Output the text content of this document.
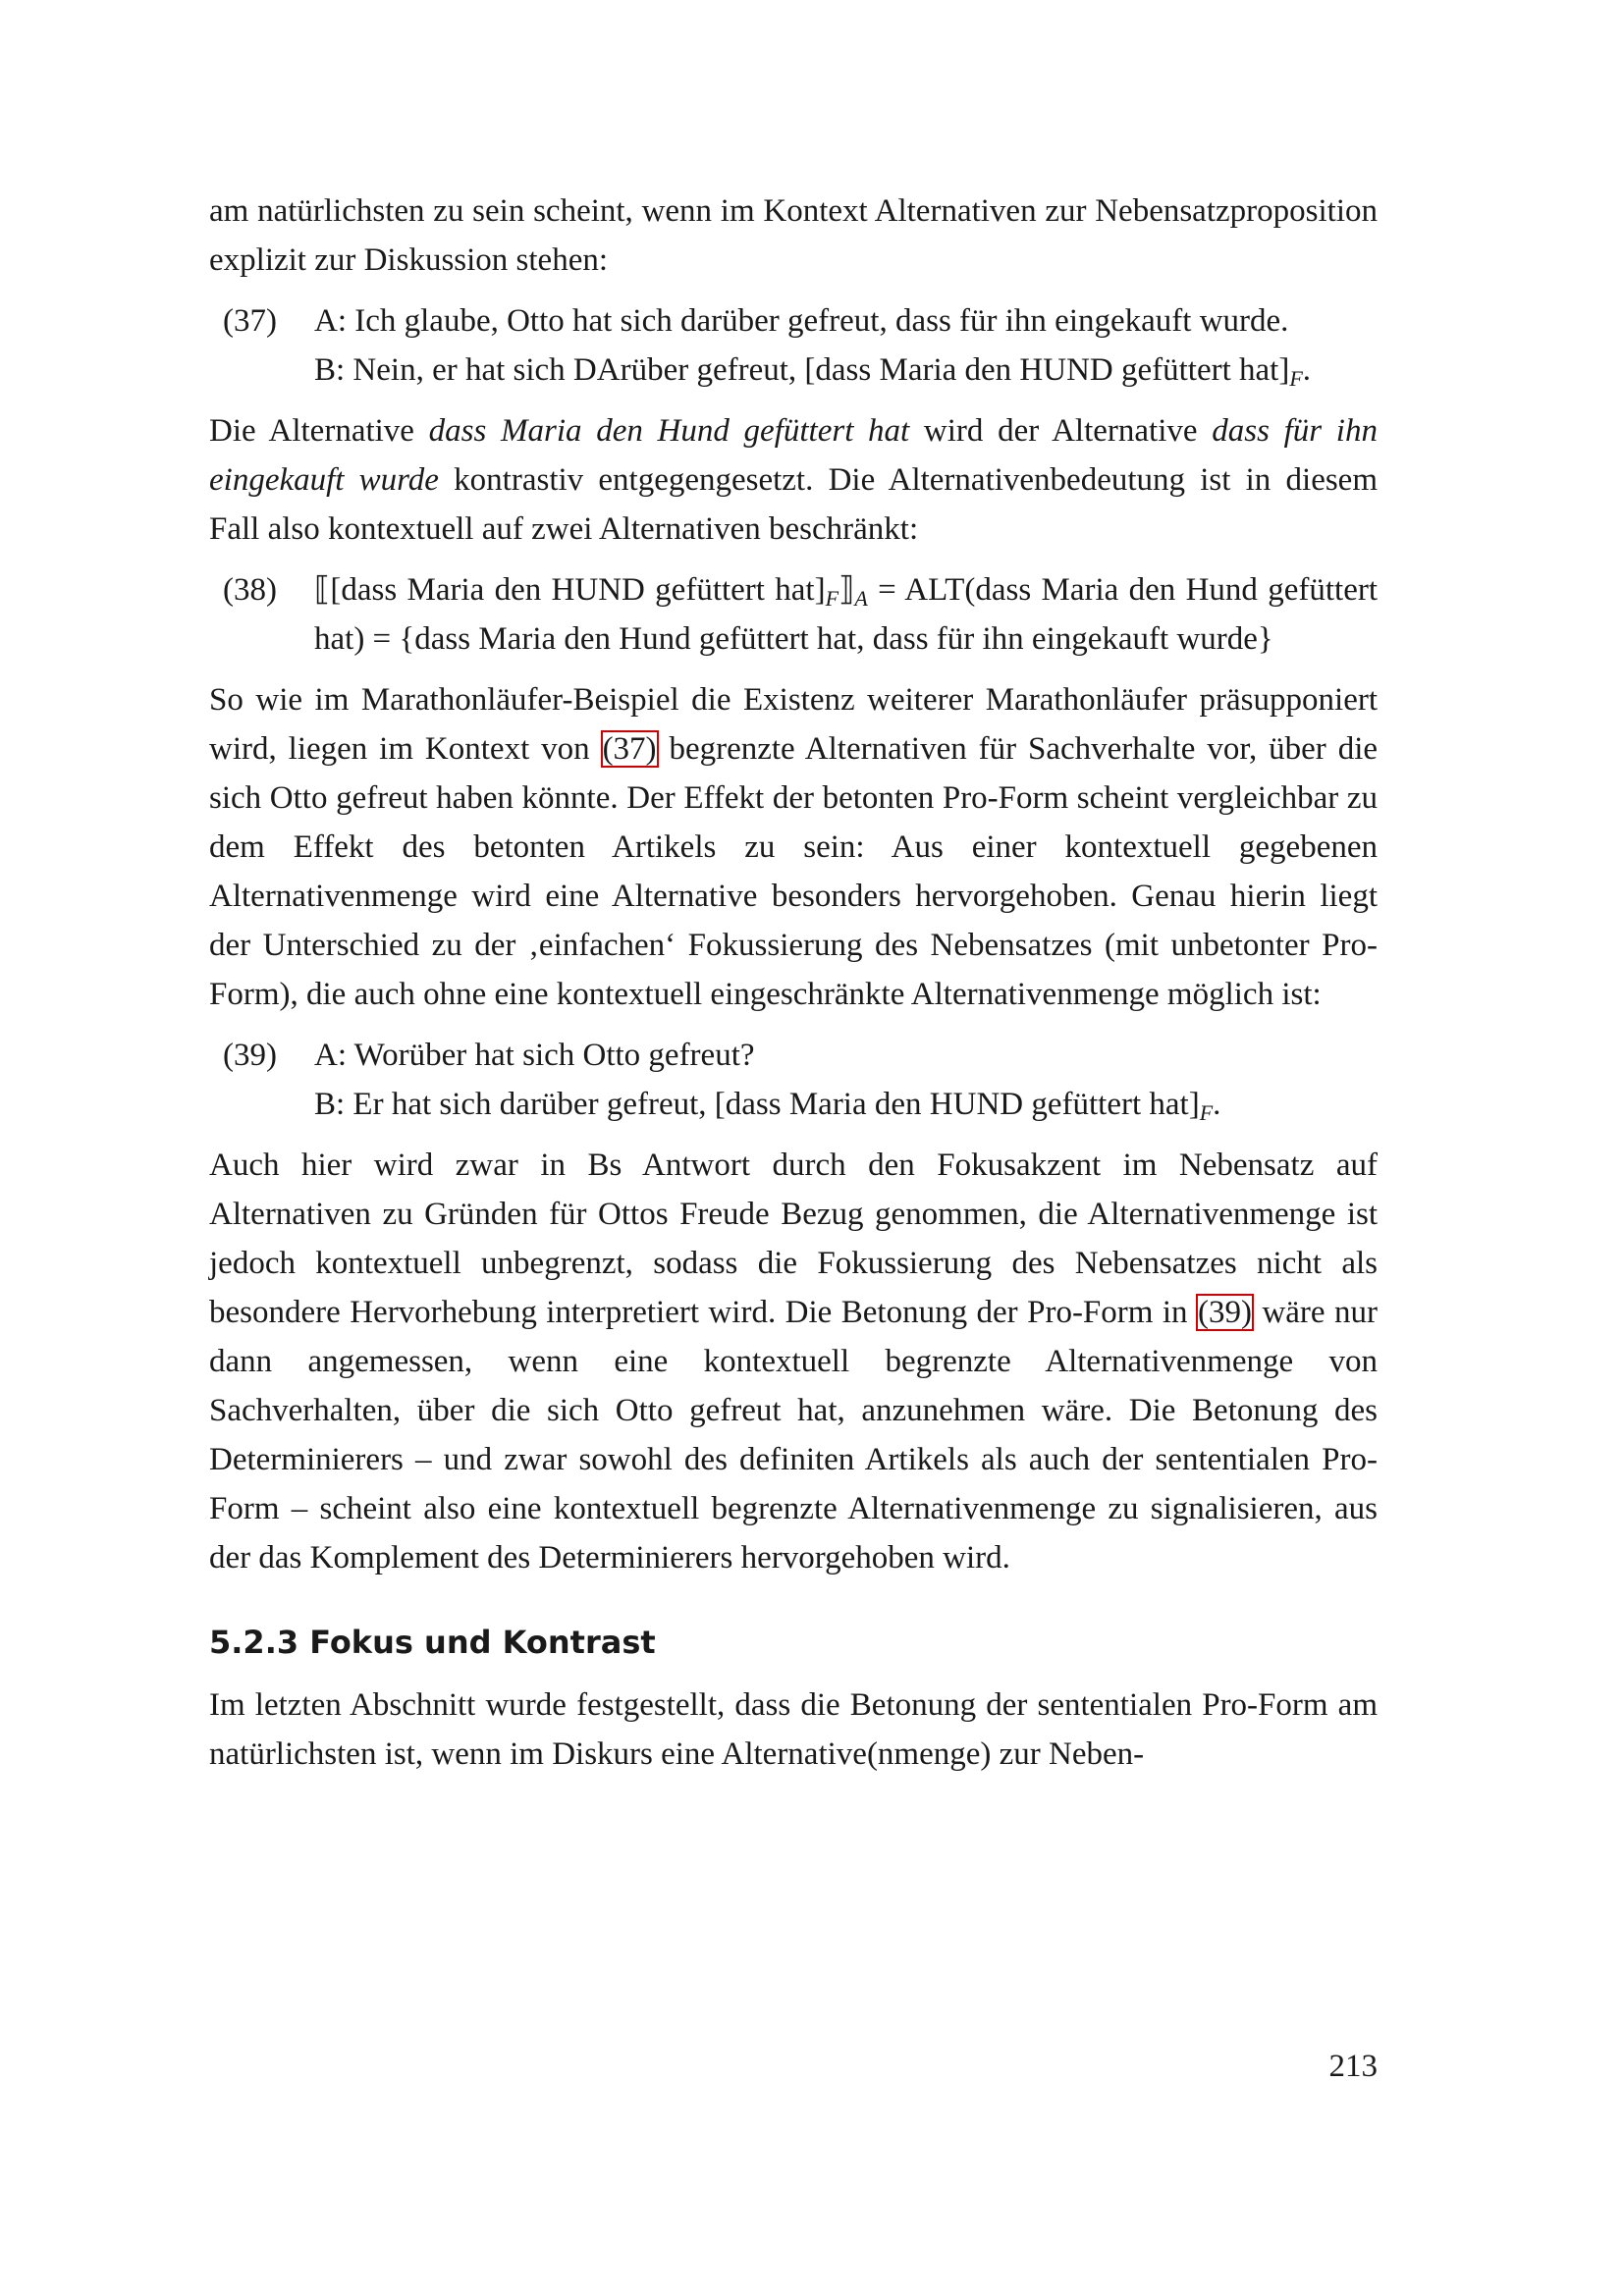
am natürlichsten zu sein scheint, wenn im Kontext Alternativen zur Nebensatzproposition explizit zur Diskussion stehen:

(37)	A: Ich glaube, Otto hat sich darüber gefreut, dass für ihn eingekauft wurde.
B: Nein, er hat sich DArüber gefreut, [dass Maria den HUND gefüttert $hat]_F$.

Die Alternative dass Maria den Hund gefüttert hat wird der Alternative dass für ihn eingekauft wurde kontrastiv entgegengesetzt. Die Alternativenbedeutung ist in diesem Fall also kontextuell auf zwei Alternativen beschränkt:

(38)	⟦[dass Maria den HUND gefüttert $hat]_F⟧_A$ = ALT(dass Maria den Hund gefüttert hat) = {dass Maria den Hund gefüttert hat, dass für ihn eingekauft wurde}

So wie im Marathonläufer-Beispiel die Existenz weiterer Marathonläufer präsupponiert wird, liegen im Kontext von (37) begrenzte Alternativen für Sachverhalte vor, über die sich Otto gefreut haben könnte. Der Effekt der betonten Pro-Form scheint vergleichbar zu dem Effekt des betonten Artikels zu sein: Aus einer kontextuell gegebenen Alternativenmenge wird eine Alternative besonders hervorgehoben. Genau hierin liegt der Unterschied zu der ‚einfachen‘ Fokussierung des Nebensatzes (mit unbetonter Pro-Form), die auch ohne eine kontextuell eingeschränkte Alternativenmenge möglich ist:

(39)	A: Worüber hat sich Otto gefreut?
B: Er hat sich darüber gefreut, [dass Maria den HUND gefüttert $hat]_F$.

Auch hier wird zwar in Bs Antwort durch den Fokusakzent im Nebensatz auf Alternativen zu Gründen für Ottos Freude Bezug genommen, die Alternativenmenge ist jedoch kontextuell unbegrenzt, sodass die Fokussierung des Nebensatzes nicht als besondere Hervorhebung interpretiert wird. Die Betonung der Pro-Form in (39) wäre nur dann angemessen, wenn eine kontextuell begrenzte Alternativenmenge von Sachverhalten, über die sich Otto gefreut hat, anzunehmen wäre. Die Betonung des Determinierers – und zwar sowohl des definiten Artikels als auch der sententialen Pro-Form – scheint also eine kontextuell begrenzte Alternativenmenge zu signalisieren, aus der das Komplement des Determinierers hervorgehoben wird.

5.2.3 Fokus und Kontrast

Im letzten Abschnitt wurde festgestellt, dass die Betonung der sententialen Pro-Form am natürlichsten ist, wenn im Diskurs eine Alternative(nmenge) zur Neben-

213
